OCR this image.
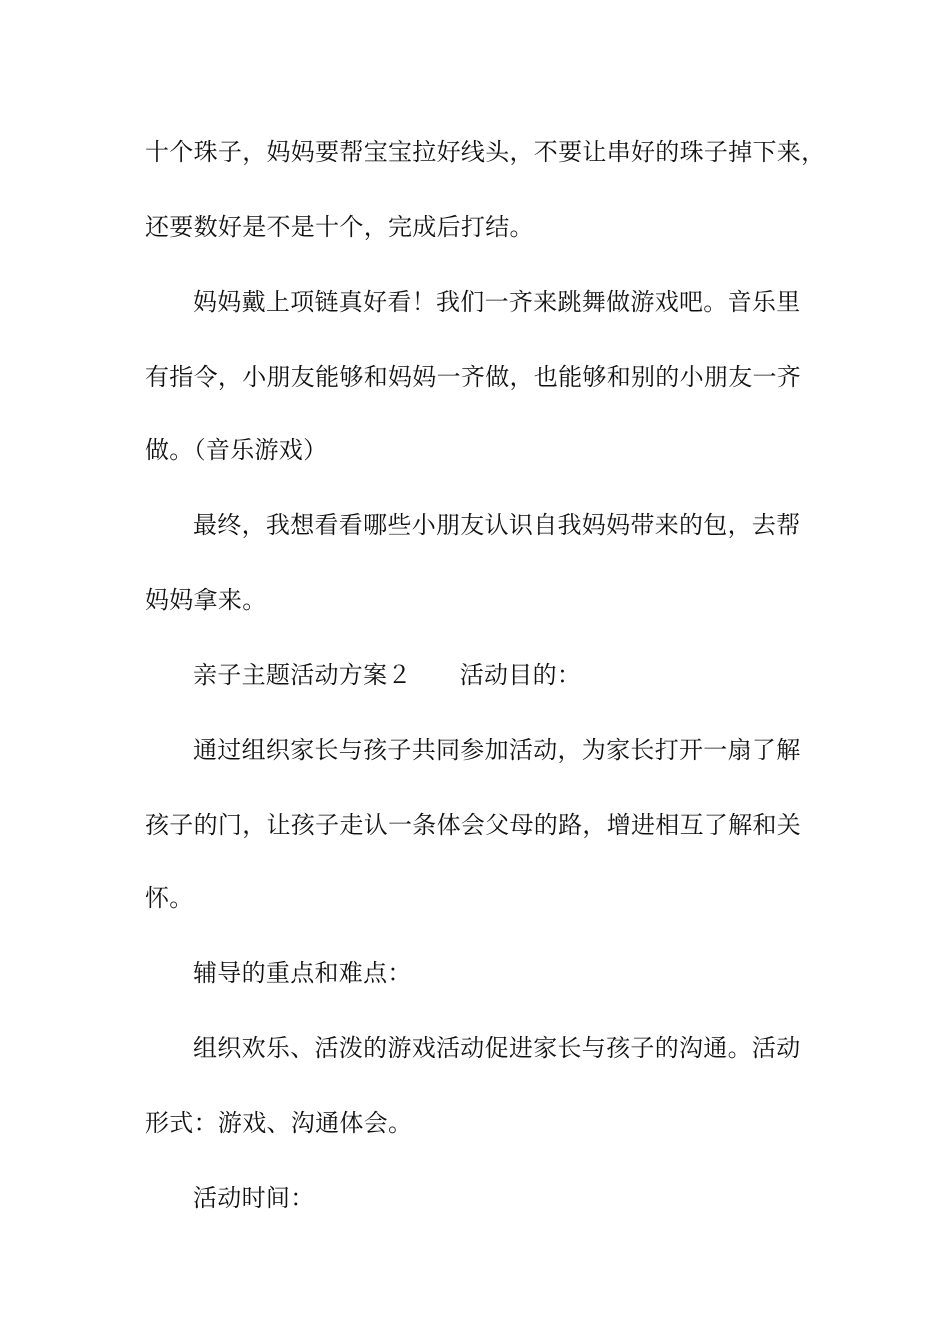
十个珠子，妈妈要帮宝宝拉好线头，不要让串好的珠子掉下来，
还要数好是不是十个，完成后打结。
妈妈戴上项链真好看！我们一齐来跳舞做游戏吧。音乐里
有指令，小朋友能够和妈妈一齐做，也能够和别的小朋友一齐
做。（音乐游戏）
最终，我想看看哪些小朋友认识自我妈妈带来的包，去帮
妈妈拿来。
亲子主题活动方案２ 活动目的：
通过组织家长与孩子共同参加活动，为家长打开一扇了解
孩子的门，让孩子走认一条体会父母的路，增进相互了解和关
怀。
辅导的重点和难点：
组织欢乐、活泼的游戏活动促进家长与孩子的沟通。活动
形式：游戏、沟通体会。
活动时间：
